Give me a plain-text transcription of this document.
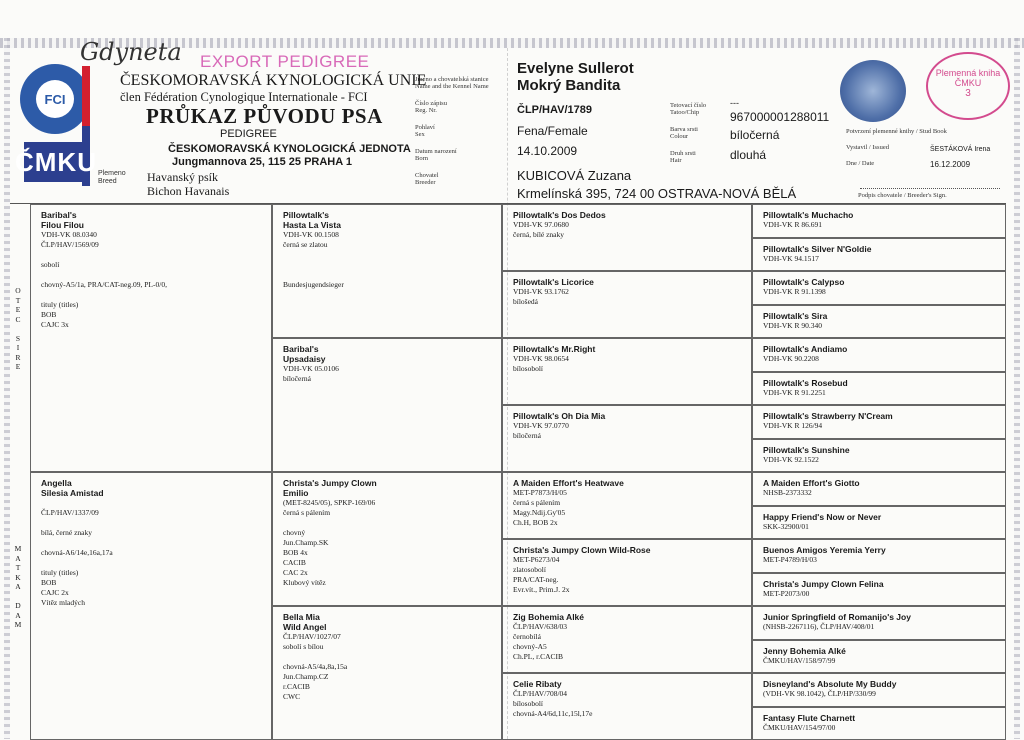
FCI
ČMKU
Gdyneta EXPORT PEDIGREE
ČESKOMORAVSKÁ KYNOLOGICKÁ UNIE
člen Fédération Cynologique Internationale - FCI
PRŮKAZ PŮVODU PSA
PEDIGREE
ČESKOMORAVSKÁ KYNOLOGICKÁ JEDNOTA
Jungmannova 25, 115 25 PRAHA 1
Plemeno
Breed	Havanský psík
Bichon Havanais
Jméno a chovatelská stanice
Name and the Kennel Name
Číslo zápisu
Reg. Nr.
Pohlaví
Sex
Datum narození
Born
Chovatel
Breeder
Evelyne Sullerot
Mokrý Bandita
ČLP/HAV/1789
Fena/Female
14.10.2009
KUBICOVÁ Zuzana
Krmelínská 395, 724 00 OSTRAVA-NOVÁ BĚLÁ
Tetovací číslo
Tatoo/Chip
Barva srsti
Colour
Druh srsti
Hair
---
967000001288011
bíločerná
dlouhá
Plemenná kniha ČMKU
3
Potvrzení plemenné knihy / Stud Book
Vystavil / Issued	ŠESTÁKOVÁ Irena
Dne / Date	16.12.2009
Podpis chovatele / Breeder's Sign.
O
T
E
C

S
I
R
E
M
A
T
K
A

D
A
M
Baribal's
Filou Filou
VDH-VK 08.0340
ČLP/HAV/1569/09

sobolí

chovný-A5/1a, PRA/CAT-neg.09, PL-0/0,

tituly (titles)
BOB
CAJC 3x
Angella
Silesia Amistad

ČLP/HAV/1337/09

bílá, černé znaky

chovná-A6/14e,16a,17a

tituly (titles)
BOB
CAJC 2x
Vítěz mladých
Pillowtalk's
Hasta La Vista
VDH-VK 00.1508
černá se zlatou

Bundesjugendsieger
Baribal's
Upsadaisy
VDH-VK 05.0106
bíločerná
Christa's Jumpy Clown
Emilio
(MET-8245/05), SPKP-169/06
černá s pálením

chovný
Jun.Champ.SK
BOB 4x
CACIB
CAC 2x
Klubový vítěz
Bella Mia
Wild Angel
ČLP/HAV/1027/07
sobolí s bílou

chovná-A5/4a,8a,15a
Jun.Champ.CZ
r.CACIB
CWC
Pillowtalk's Dos Dedos
VDH-VK 97.0680
černá, bílé znaky
Pillowtalk's Licorice
VDH-VK 93.1762
bílošedá
Pillowtalk's Mr.Right
VDH-VK 98.0654
bílosobolí
Pillowtalk's Oh Dia Mia
VDH-VK 97.0770
bíločerná
A Maiden Effort's Heatwave
MET-P7873/H/05
černá s pálením
Magy.Ndij.Gy'05
Ch.H, BOB 2x
Christa's Jumpy Clown Wild-Rose
MET-P6273/04
zlatosobolí
PRA/CAT-neg.
Evr.vít., Prim.J. 2x
Zig Bohemia Alké
ČLP/HAV/638/03
černobílá
chovný-A5
Ch.PL, r.CACIB
Celie Ribaty
ČLP/HAV/708/04
bílosobolí
chovná-A4/6d,11c,15l,17e
Pillowtalk's Muchacho
VDH-VK R 86.691
Pillowtalk's Silver N'Goldie
VDH-VK 94.1517
Pillowtalk's Calypso
VDH-VK R 91.1398
Pillowtalk's Sira
VDH-VK R 90.340
Pillowtalk's Andiamo
VDH-VK 90.2208
Pillowtalk's Rosebud
VDH-VK R 91.2251
Pillowtalk's Strawberry N'Cream
VDH-VK R 126/94
Pillowtalk's Sunshine
VDH-VK 92.1522
A Maiden Effort's Giotto
NHSB-2373332
Happy Friend's Now or Never
SKK-32900/01
Buenos Amigos Yeremia Yerry
MET-P4789/H/03
Christa's Jumpy Clown Felina
MET-P2073/00
Junior Springfield of Romanijo's Joy
(NHSB-2267116), ČLP/HAV/408/01
Jenny Bohemia Alké
ČMKU/HAV/158/97/99
Disneyland's Absolute My Buddy
(VDH-VK 98.1042), ČLP/HP/330/99
Fantasy Flute Charnett
ČMKU/HAV/154/97/00
